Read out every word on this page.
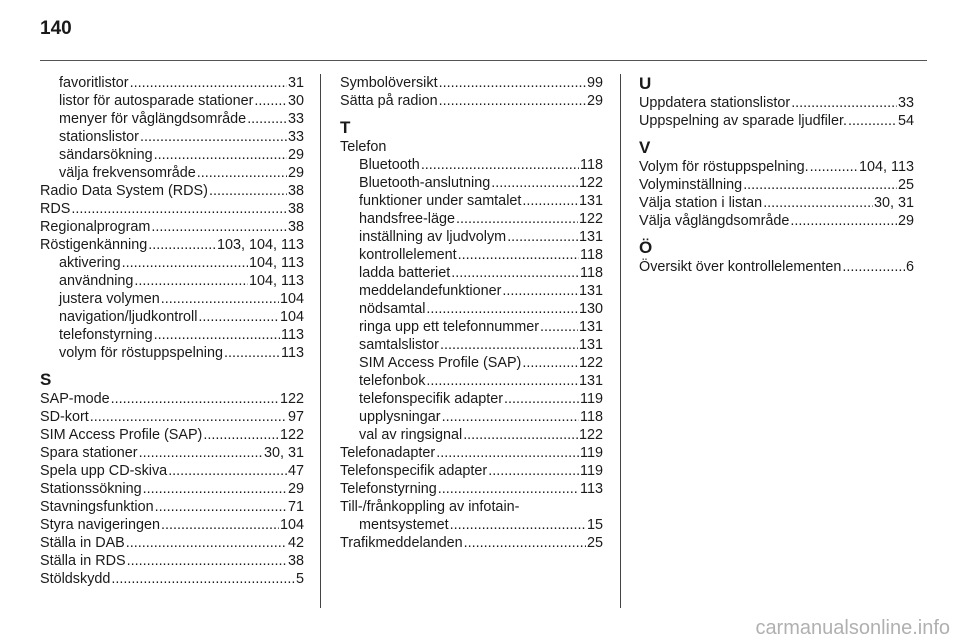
140
favoritlistor .....	31
listor för autosparade stationer ..... 30
menyer för våglängdsområde .....	33
stationslistor .....	33
sändarsökning .....	29
välja frekvensområde .....	29
Radio Data System (RDS) .....	38
RDS .....	38
Regionalprogram .....	38
Röstigenkänning .....	103, 104, 113
aktivering .....	104, 113
användning .....	104, 113
justera volymen .....	104
navigation/ljudkontroll .....	104
telefonstyrning .....	113
volym för röstuppspelning .....	113
S
SAP-mode .....	122
SD-kort .....	97
SIM Access Profile (SAP) .....	122
Spara stationer .....	30, 31
Spela upp CD-skiva .....	47
Stationssökning .....	29
Stavningsfunktion .....	71
Styra navigeringen .....	104
Ställa in DAB .....	42
Ställa in RDS .....	38
Stöldskydd .....	5
Symbolöversikt .....	99
Sätta på radion .....	29
T
Telefon
Bluetooth .....	118
Bluetooth-anslutning .....	122
funktioner under samtalet .....	131
handsfree-läge .....	122
inställning av ljudvolym .....	131
kontrollelement .....	118
ladda batteriet .....	118
meddelandefunktioner .....	131
nödsamtal .....	130
ringa upp ett telefonnummer .....	131
samtalslistor .....	131
SIM Access Profile (SAP) .....	122
telefonbok .....	131
telefonspecifik adapter .....	119
upplysningar .....	118
val av ringsignal .....	122
Telefonadapter .....	119
Telefonspecifik adapter .....	119
Telefonstyrning .....	113
Till-/frånkoppling av infotain-
mentsystemet .....	15
Trafikmeddelanden .....	25
U
Uppdatera stationslistor .....	33
Uppspelning av sparade ljudfiler. .....	54
V
Volym för röstuppspelning. .....	104, 113
Volyminställning .....	25
Välja station i listan .....	30, 31
Välja våglängdsområde .....	29
Ö
Översikt över kontrollelementen .....	6
carmanualsonline.info
